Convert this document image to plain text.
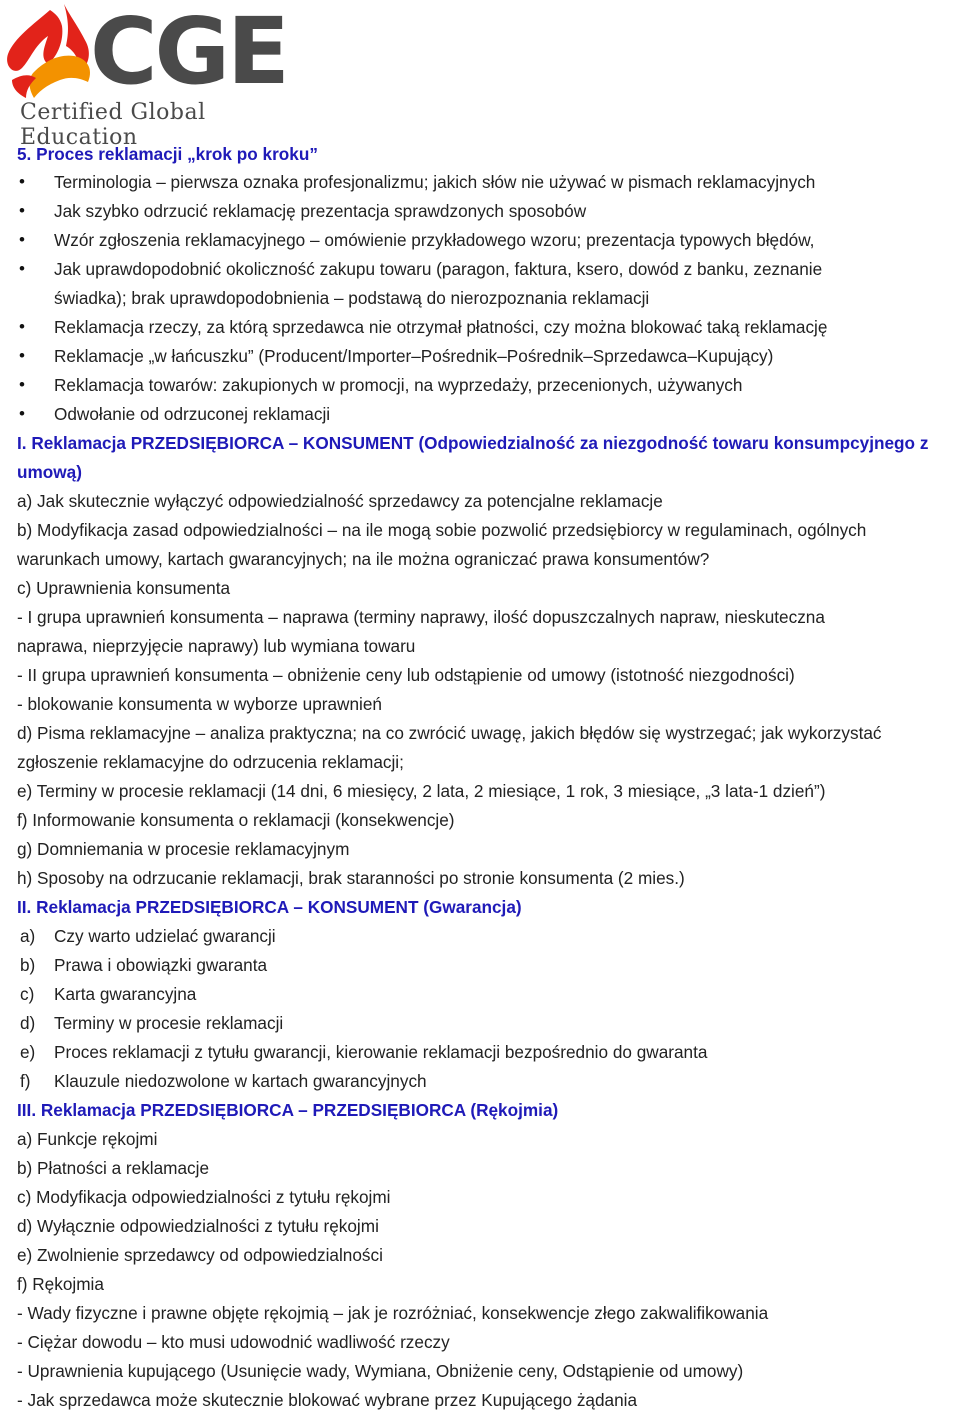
CGE
Certified Global Education
5. Proces reklamacji „krok po kroku”
• Terminologia – pierwsza oznaka profesjonalizmu; jakich słów nie używać w pismach reklamacyjnych
• Jak szybko odrzucić reklamację prezentacja sprawdzonych sposobów
• Wzór zgłoszenia reklamacyjnego – omówienie przykładowego wzoru; prezentacja typowych błędów,
• Jak uprawdopodobnić okoliczność zakupu towaru (paragon, faktura, ksero, dowód z banku, zeznanie
świadka); brak uprawdopodobnienia – podstawą do nierozpoznania reklamacji
• Reklamacja rzeczy, za którą sprzedawca nie otrzymał płatności, czy można blokować taką reklamację
• Reklamacje „w łańcuszku” (Producent/Importer–Pośrednik–Pośrednik–Sprzedawca–Kupujący)
• Reklamacja towarów: zakupionych w promocji, na wyprzedaży, przecenionych, używanych
• Odwołanie od odrzuconej reklamacji
I. Reklamacja PRZEDSIĘBIORCA – KONSUMENT (Odpowiedzialność za niezgodność towaru konsumpcyjnego z
umową)
a) Jak skutecznie wyłączyć odpowiedzialność sprzedawcy za potencjalne reklamacje
b) Modyfikacja zasad odpowiedzialności – na ile mogą sobie pozwolić przedsiębiorcy w regulaminach, ogólnych
warunkach umowy, kartach gwarancyjnych; na ile można ograniczać prawa konsumentów?
c) Uprawnienia konsumenta
- I grupa uprawnień konsumenta – naprawa (terminy naprawy, ilość dopuszczalnych napraw, nieskuteczna
naprawa, nieprzyjęcie naprawy) lub wymiana towaru
- II grupa uprawnień konsumenta – obniżenie ceny lub odstąpienie od umowy (istotność niezgodności)
- blokowanie konsumenta w wyborze uprawnień
d) Pisma reklamacyjne – analiza praktyczna; na co zwrócić uwagę, jakich błędów się wystrzegać; jak wykorzystać
zgłoszenie reklamacyjne do odrzucenia reklamacji;
e) Terminy w procesie reklamacji (14 dni, 6 miesięcy, 2 lata, 2 miesiące, 1 rok, 3 miesiące, „3 lata-1 dzień”)
f) Informowanie konsumenta o reklamacji (konsekwencje)
g) Domniemania w procesie reklamacyjnym
h) Sposoby na odrzucanie reklamacji, brak staranności po stronie konsumenta (2 mies.)
II. Reklamacja PRZEDSIĘBIORCA – KONSUMENT (Gwarancja)
a) Czy warto udzielać gwarancji
b) Prawa i obowiązki gwaranta
c) Karta gwarancyjna
d) Terminy w procesie reklamacji
e) Proces reklamacji z tytułu gwarancji, kierowanie reklamacji bezpośrednio do gwaranta
f) Klauzule niedozwolone w kartach gwarancyjnych
III. Reklamacja PRZEDSIĘBIORCA – PRZEDSIĘBIORCA (Rękojmia)
a) Funkcje rękojmi
b) Płatności a reklamacje
c) Modyfikacja odpowiedzialności z tytułu rękojmi
d) Wyłącznie odpowiedzialności z tytułu rękojmi
e) Zwolnienie sprzedawcy od odpowiedzialności
f) Rękojmia
- Wady fizyczne i prawne objęte rękojmią – jak je rozróżniać, konsekwencje złego zakwalifikowania
- Ciężar dowodu – kto musi udowodnić wadliwość rzeczy
- Uprawnienia kupującego (Usunięcie wady, Wymiana, Obniżenie ceny, Odstąpienie od umowy)
- Jak sprzedawca może skutecznie blokować wybrane przez Kupującego żądania
